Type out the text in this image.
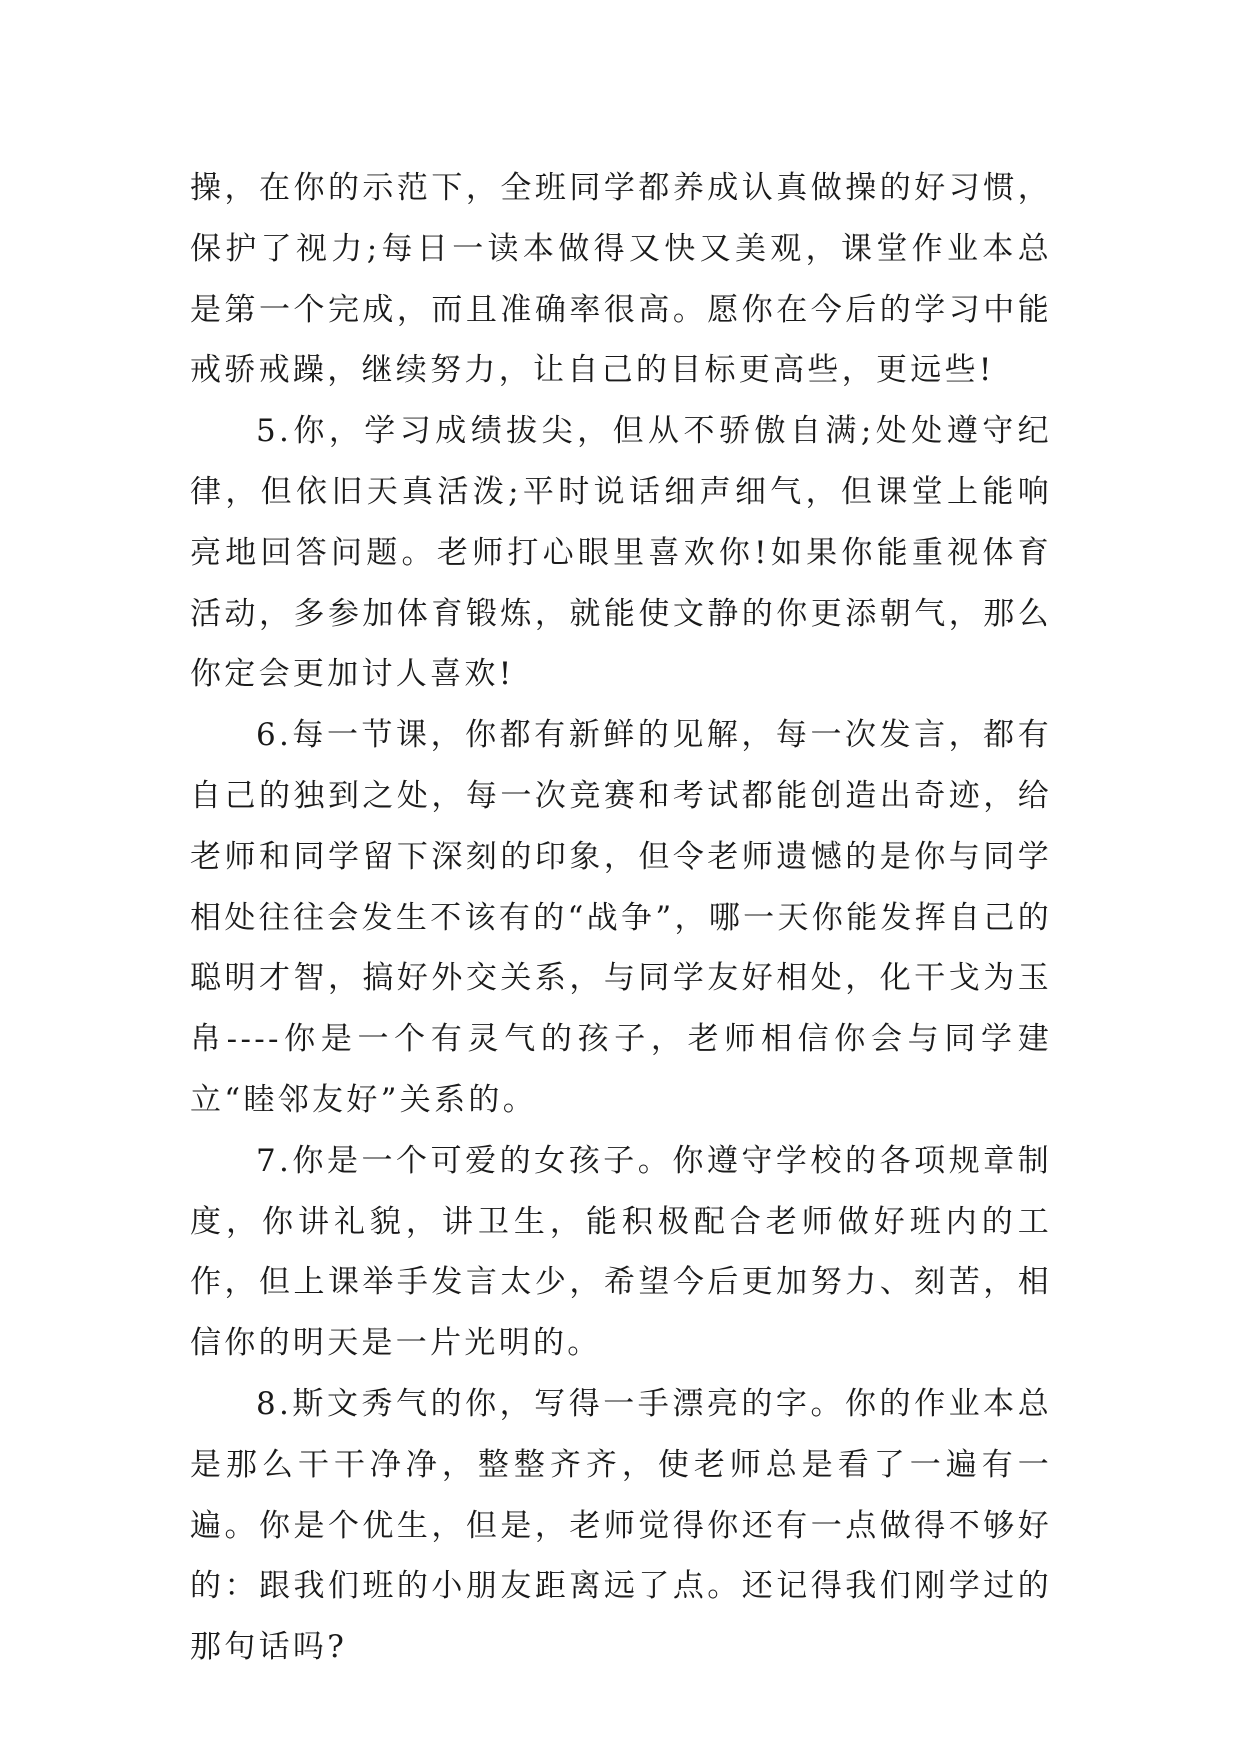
操，在你的示范下，全班同学都养成认真做操的好习惯，保护了视力;每日一读本做得又快又美观，课堂作业本总是第一个完成，而且准确率很高。愿你在今后的学习中能戒骄戒躁，继续努力，让自己的目标更高些，更远些!

5.你，学习成绩拔尖，但从不骄傲自满;处处遵守纪律，但依旧天真活泼;平时说话细声细气，但课堂上能响亮地回答问题。老师打心眼里喜欢你!如果你能重视体育活动，多参加体育锻炼，就能使文静的你更添朝气，那么你定会更加讨人喜欢!

6.每一节课，你都有新鲜的见解，每一次发言，都有自己的独到之处，每一次竞赛和考试都能创造出奇迹，给老师和同学留下深刻的印象，但令老师遗憾的是你与同学相处往往会发生不该有的“战争”，哪一天你能发挥自己的聪明才智，搞好外交关系，与同学友好相处，化干戈为玉帛----你是一个有灵气的孩子，老师相信你会与同学建立“睦邻友好”关系的。

7.你是一个可爱的女孩子。你遵守学校的各项规章制度，你讲礼貌，讲卫生，能积极配合老师做好班内的工作，但上课举手发言太少，希望今后更加努力、刻苦，相信你的明天是一片光明的。

8.斯文秀气的你，写得一手漂亮的字。你的作业本总是那么干干净净，整整齐齐，使老师总是看了一遍有一遍。你是个优生，但是，老师觉得你还有一点做得不够好的：跟我们班的小朋友距离远了点。还记得我们刚学过的那句话吗?
